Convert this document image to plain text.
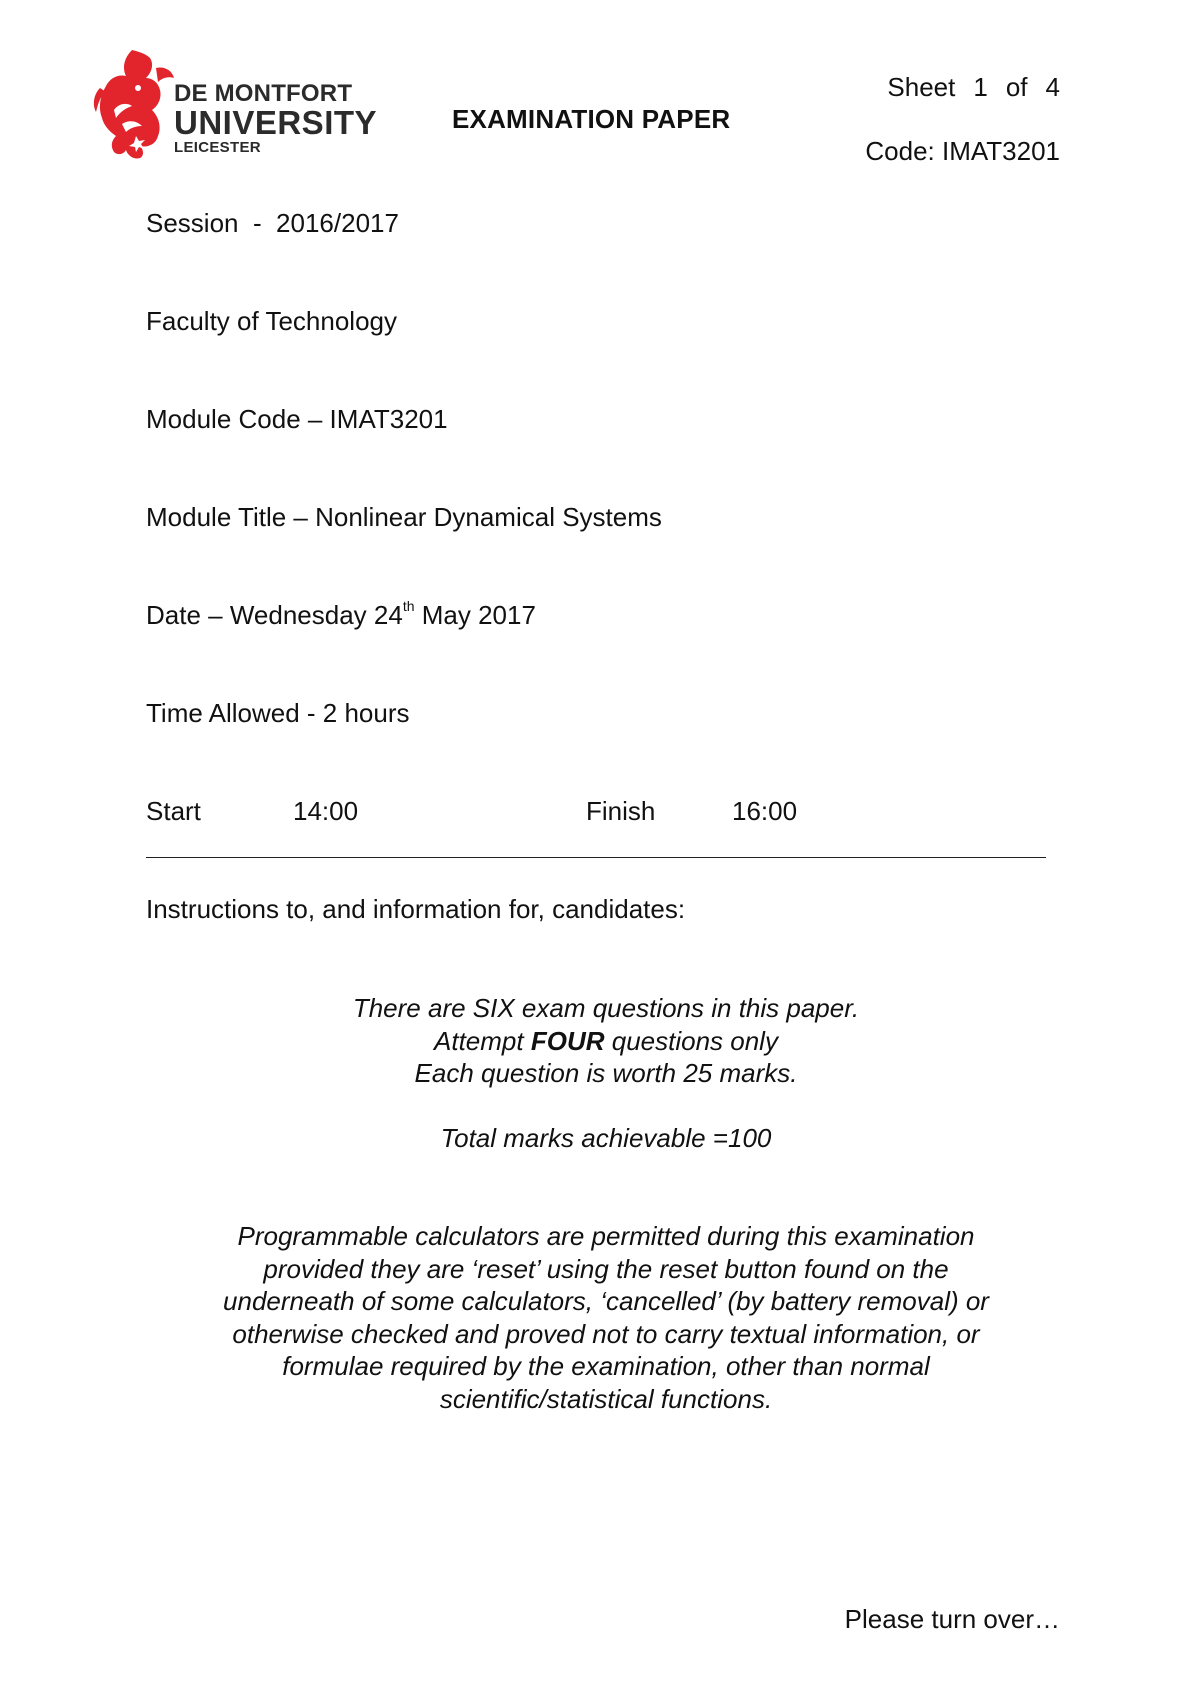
DE MONTFORT
UNIVERSITY
LEICESTER
EXAMINATION PAPER
Sheet 1 of 4
Code: IMAT3201
Session  -  2016/2017
Faculty of Technology
Module Code – IMAT3201
Module Title – Nonlinear Dynamical Systems
Date – Wednesday 24th May 2017
Time Allowed - 2 hours
Start	14:00	Finish	16:00
Instructions to, and information for, candidates:
There are SIX exam questions in this paper.
Attempt FOUR questions only
Each question is worth 25 marks.
Total marks achievable =100
Programmable calculators are permitted during this examination
provided they are ‘reset’ using the reset button found on the
underneath of some calculators, ‘cancelled’ (by battery removal) or
otherwise checked and proved not to carry textual information, or
formulae required by the examination, other than normal
scientific/statistical functions.
Please turn over…
